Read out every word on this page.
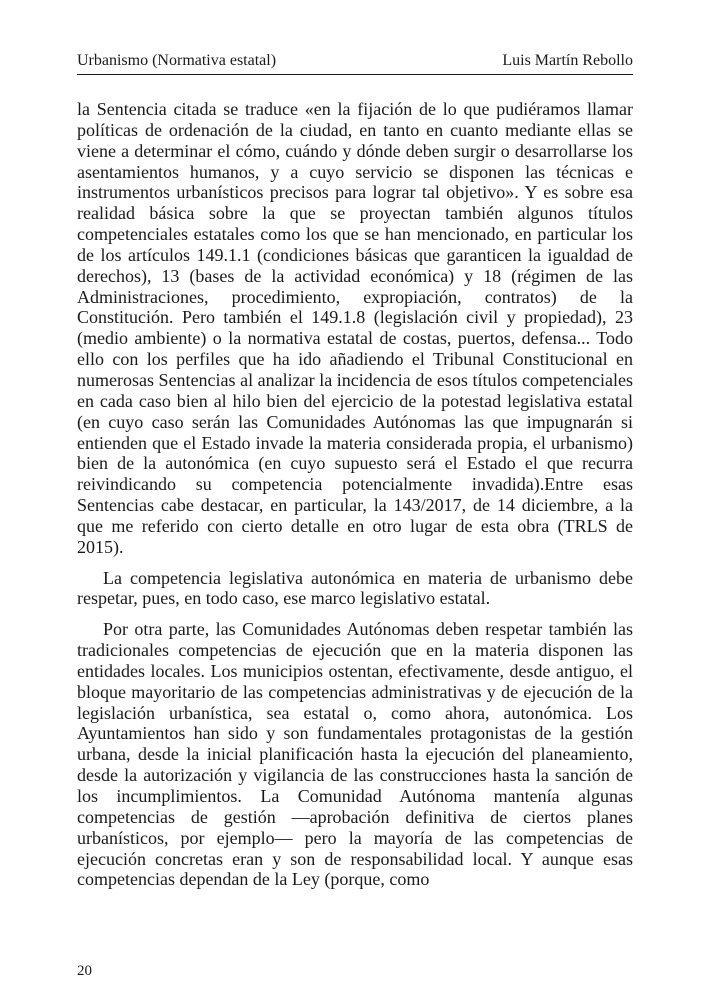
Urbanismo (Normativa estatal)	Luis Martín Rebollo

la Sentencia citada se traduce «en la fijación de lo que pudiéramos llamar políticas de ordenación de la ciudad, en tanto en cuanto mediante ellas se viene a determinar el cómo, cuándo y dónde deben surgir o desarrollarse los asentamientos humanos, y a cuyo servicio se disponen las técnicas e instrumentos urbanísticos precisos para lograr tal objetivo». Y es sobre esa realidad básica sobre la que se proyectan también algunos títulos competenciales estatales como los que se han mencionado, en particular los de los artículos 149.1.1 (condiciones básicas que garanticen la igualdad de derechos), 13 (bases de la actividad económica) y 18 (régimen de las Administraciones, procedimiento, expropiación, contratos) de la Constitución. Pero también el 149.1.8 (legislación civil y propiedad), 23 (medio ambiente) o la normativa estatal de costas, puertos, defensa... Todo ello con los perfiles que ha ido añadiendo el Tribunal Constitucional en numerosas Sentencias al analizar la incidencia de esos títulos competenciales en cada caso bien al hilo bien del ejercicio de la potestad legislativa estatal (en cuyo caso serán las Comunidades Autónomas las que impugnarán si entienden que el Estado invade la materia considerada propia, el urbanismo) bien de la autonómica (en cuyo supuesto será el Estado el que recurra reivindicando su competencia potencialmente invadida).Entre esas Sentencias cabe destacar, en particular, la 143/2017, de 14 diciembre, a la que me referido con cierto detalle en otro lugar de esta obra (TRLS de 2015).

La competencia legislativa autonómica en materia de urbanismo debe respetar, pues, en todo caso, ese marco legislativo estatal.

Por otra parte, las Comunidades Autónomas deben respetar también las tradicionales competencias de ejecución que en la materia disponen las entidades locales. Los municipios ostentan, efectivamente, desde antiguo, el bloque mayoritario de las competencias administrativas y de ejecución de la legislación urbanística, sea estatal o, como ahora, autonómica. Los Ayuntamientos han sido y son fundamentales protagonistas de la gestión urbana, desde la inicial planificación hasta la ejecución del planeamiento, desde la autorización y vigilancia de las construcciones hasta la sanción de los incumplimientos. La Comunidad Autónoma mantenía algunas competencias de gestión —aprobación definitiva de ciertos planes urbanísticos, por ejemplo— pero la mayoría de las competencias de ejecución concretas eran y son de responsabilidad local. Y aunque esas competencias dependan de la Ley (porque, como

20
